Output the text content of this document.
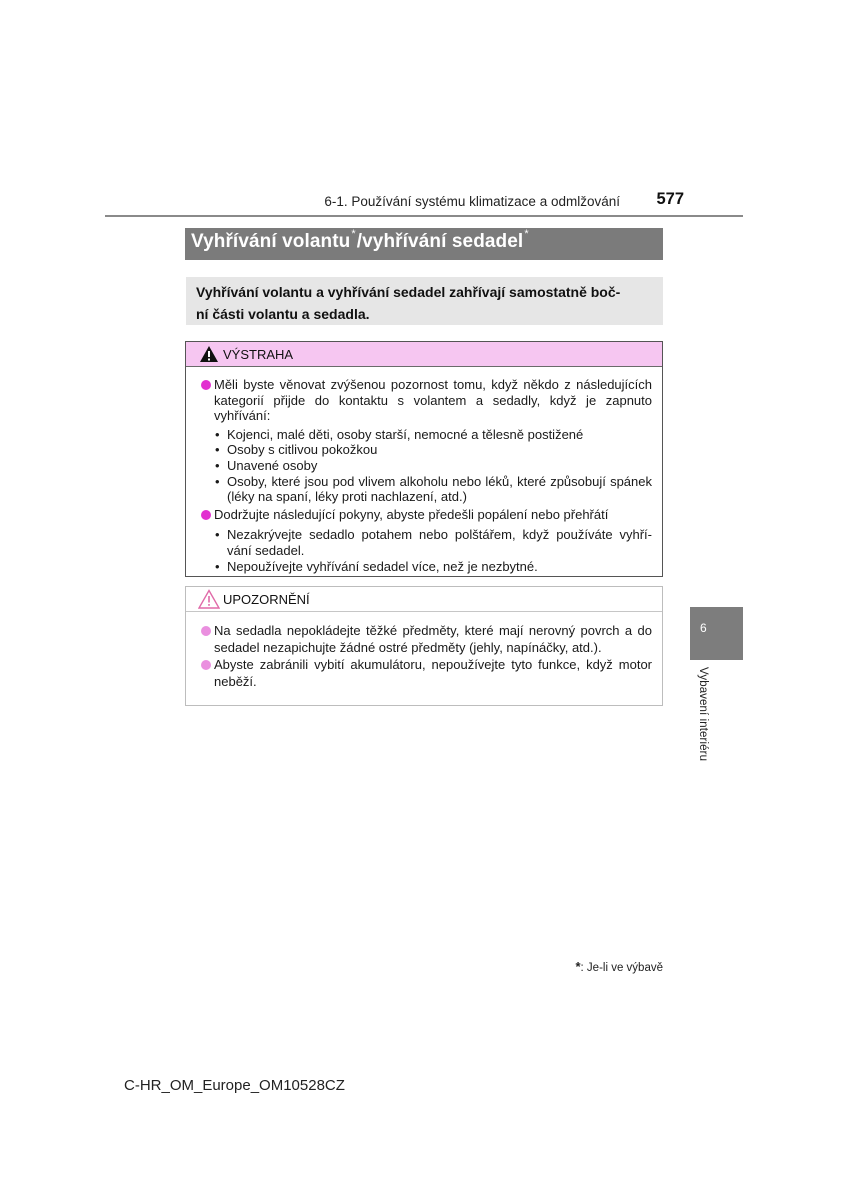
6-1. Používání systému klimatizace a odmlžování	577
Vyhřívání volantu*/vyhřívání sedadel*
Vyhřívání volantu a vyhřívání sedadel zahřívají samostatně boč-
ní části volantu a sedadla.
VÝSTRAHA

Měli byste věnovat zvýšenou pozornost tomu, když někdo z následujících kategorií přijde do kontaktu s volantem a sedadly, když je zapnuto vyhřívání:

• Kojenci, malé děti, osoby starší, nemocné a tělesně postižené

• Osoby s citlivou pokožkou

• Unavené osoby

• Osoby, které jsou pod vlivem alkoholu nebo léků, které způsobují spánek (léky na spaní, léky proti nachlazení, atd.)

Dodržujte následující pokyny, abyste předešli popálení nebo přehřátí

• Nezakrývejte sedadlo potahem nebo polštářem, když používáte vyhří-vání sedadel.

• Nepoužívejte vyhřívání sedadel více, než je nezbytné.

UPOZORNĚNÍ

Na sedadla nepokládejte těžké předměty, které mají nerovný povrch a do sedadel nezapichujte žádné ostré předměty (jehly, napínáčky, atd.).

Abyste zabránili vybití akumulátoru, nepoužívejte tyto funkce, když motor neběží.

6
Vybavení interiéru
*: Je-li ve výbavě
C-HR_OM_Europe_OM10528CZ
